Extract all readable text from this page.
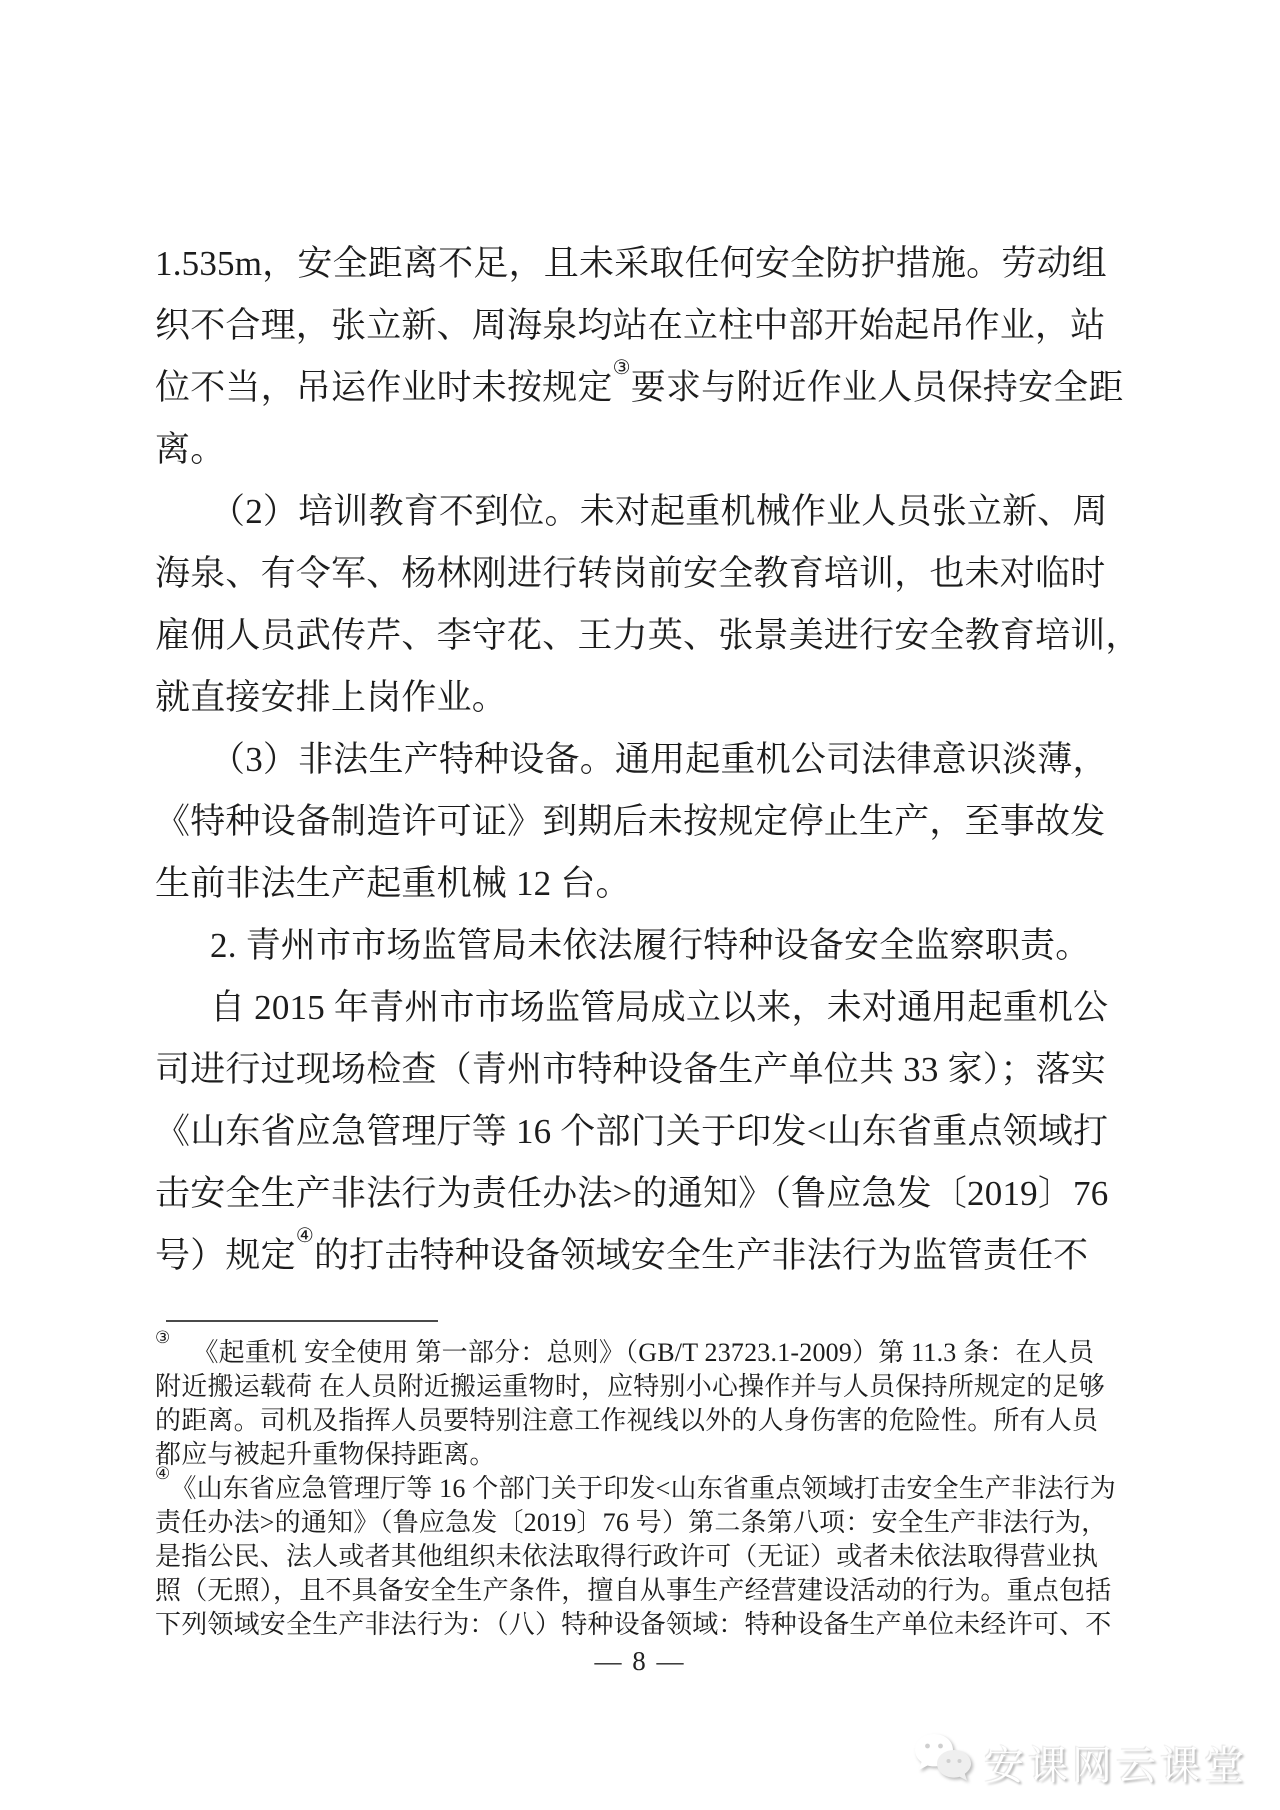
1.535m，安全距离不足，且未采取任何安全防护措施。劳动组
织不合理，张立新、周海泉均站在立柱中部开始起吊作业，站
位不当，吊运作业时未按规定③要求与附近作业人员保持安全距
离。
（2）培训教育不到位。未对起重机械作业人员张立新、周
海泉、有令军、杨林刚进行转岗前安全教育培训，也未对临时
雇佣人员武传芹、李守花、王力英、张景美进行安全教育培训，
就直接安排上岗作业。
（3）非法生产特种设备。通用起重机公司法律意识淡薄，
《特种设备制造许可证》到期后未按规定停止生产，至事故发
生前非法生产起重机械 12 台。
2. 青州市市场监管局未依法履行特种设备安全监察职责。
自 2015 年青州市市场监管局成立以来，未对通用起重机公
司进行过现场检查（青州市特种设备生产单位共 33 家）；落实
《山东省应急管理厅等 16 个部门关于印发<山东省重点领域打
击安全生产非法行为责任办法>的通知》（鲁应急发〔2019〕76
号）规定④的打击特种设备领域安全生产非法行为监管责任不
③《起重机 安全使用 第一部分：总则》（GB/T 23723.1-2009）第 11.3 条：在人员
附近搬运载荷 在人员附近搬运重物时，应特别小心操作并与人员保持所规定的足够
的距离。司机及指挥人员要特别注意工作视线以外的人身伤害的危险性。所有人员
都应与被起升重物保持距离。
④《山东省应急管理厅等 16 个部门关于印发<山东省重点领域打击安全生产非法行为
责任办法>的通知》（鲁应急发〔2019〕76 号）第二条第八项：安全生产非法行为，
是指公民、法人或者其他组织未依法取得行政许可（无证）或者未依法取得营业执
照（无照），且不具备安全生产条件，擅自从事生产经营建设活动的行为。重点包括
下列领域安全生产非法行为：（八）特种设备领域：特种设备生产单位未经许可、不
— 8 —
安课网云课堂
